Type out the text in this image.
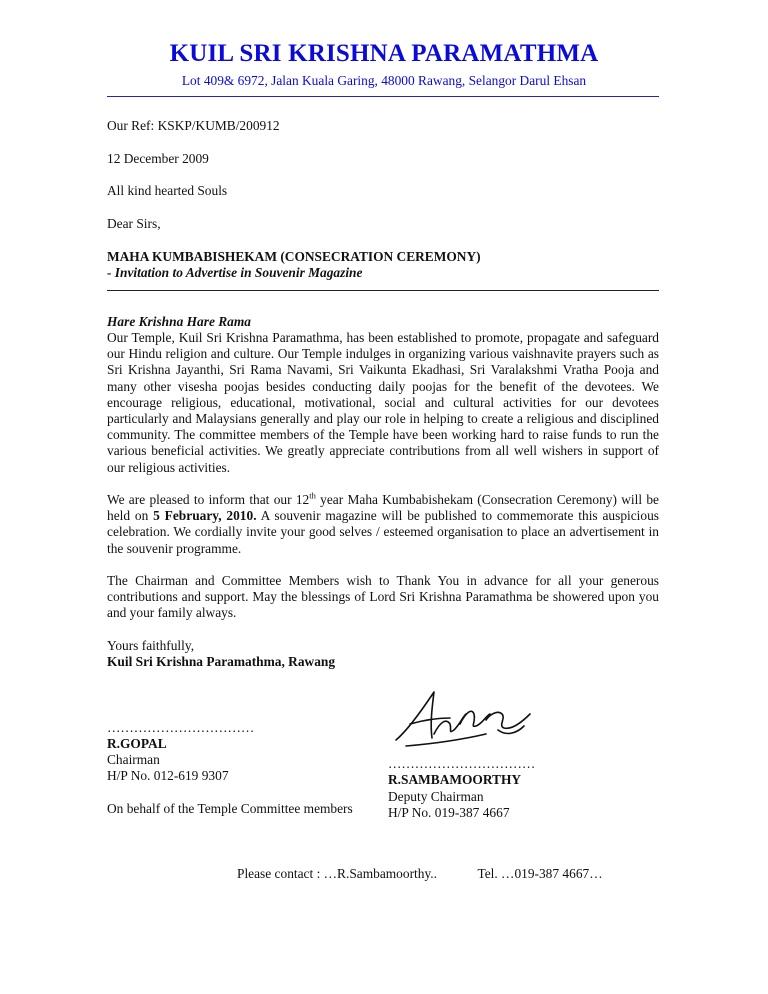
KUIL SRI KRISHNA PARAMATHMA
Lot 409& 6972, Jalan Kuala Garing, 48000 Rawang, Selangor Darul Ehsan
Our Ref: KSKP/KUMB/200912
12 December 2009
All kind hearted Souls
Dear Sirs,
MAHA KUMBABISHEKAM (CONSECRATION CEREMONY)
- Invitation to Advertise in Souvenir Magazine
Hare Krishna Hare Rama
Our Temple, Kuil Sri Krishna Paramathma, has been established to promote, propagate and safeguard our Hindu religion and culture. Our Temple indulges in organizing various vaishnavite prayers such as Sri Krishna Jayanthi, Sri Rama Navami, Sri Vaikunta Ekadhasi, Sri Varalakshmi Vratha Pooja and many other visesha poojas besides conducting daily poojas for the benefit of the devotees. We encourage religious, educational, motivational, social and cultural activities for our devotees particularly and Malaysians generally and play our role in helping to create a religious and disciplined community. The committee members of the Temple have been working hard to raise funds to run the various beneficial activities. We greatly appreciate contributions from all well wishers in support of our religious activities.
We are pleased to inform that our 12th year Maha Kumbabishekam (Consecration Ceremony) will be held on 5 February, 2010. A souvenir magazine will be published to commemorate this auspicious celebration. We cordially invite your good selves / esteemed organisation to place an advertisement in the souvenir programme.
The Chairman and Committee Members wish to Thank You in advance for all your generous contributions and support. May the blessings of Lord Sri Krishna Paramathma be showered upon you and your family always.
Yours faithfully,
Kuil Sri Krishna Paramathma, Rawang
……………………………
R.GOPAL
Chairman
H/P No. 012-619 9307
On behalf of the Temple Committee members
……………………………
R.SAMBAMOORTHY
Deputy Chairman
H/P No. 019-387 4667
Please contact : …R.Sambamoorthy..	Tel. …019-387 4667…
